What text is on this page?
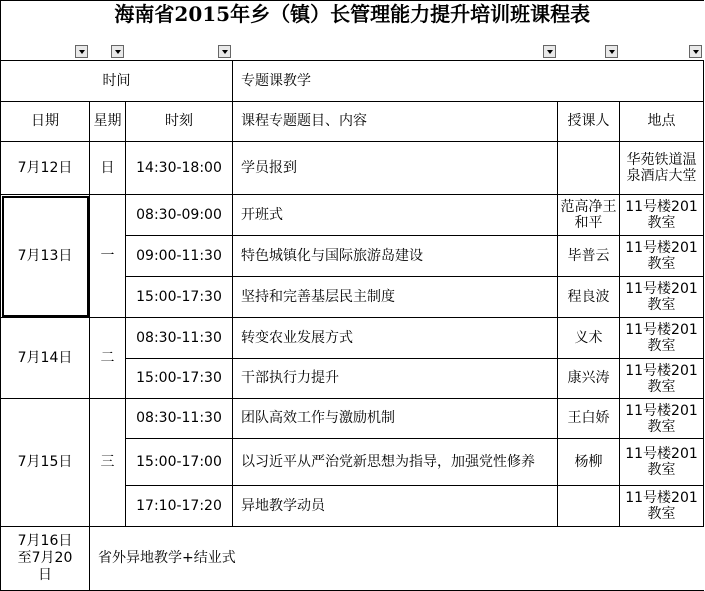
海南省2015年乡（镇）长管理能力提升培训班课程表					
时间			专题课教学		
日期	星期	时刻	课程专题题目、内容	授课人	地点
7月12日	日	14:30-18:00	学员报到		华苑铁道温泉酒店大堂
7月13日	一	08:30-09:00	开班式	范高净王和平	11号楼201教室
		09:00-11:30	特色城镇化与国际旅游岛建设	毕普云	11号楼201教室
		15:00-17:30	坚持和完善基层民主制度	程良波	11号楼201教室
7月14日	二	08:30-11:30	转变农业发展方式	义术	11号楼201教室
		15:00-17:30	干部执行力提升	康兴涛	11号楼201教室
7月15日	三	08:30-11:30	团队高效工作与激励机制	王白娇	11号楼201教室
		15:00-17:00	以习近平从严治党新思想为指导，加强党性修养	杨柳	11号楼201教室
		17:10-17:20	异地教学动员		11号楼201教室
7月16日至7月20日	省外异地教学+结业式				
